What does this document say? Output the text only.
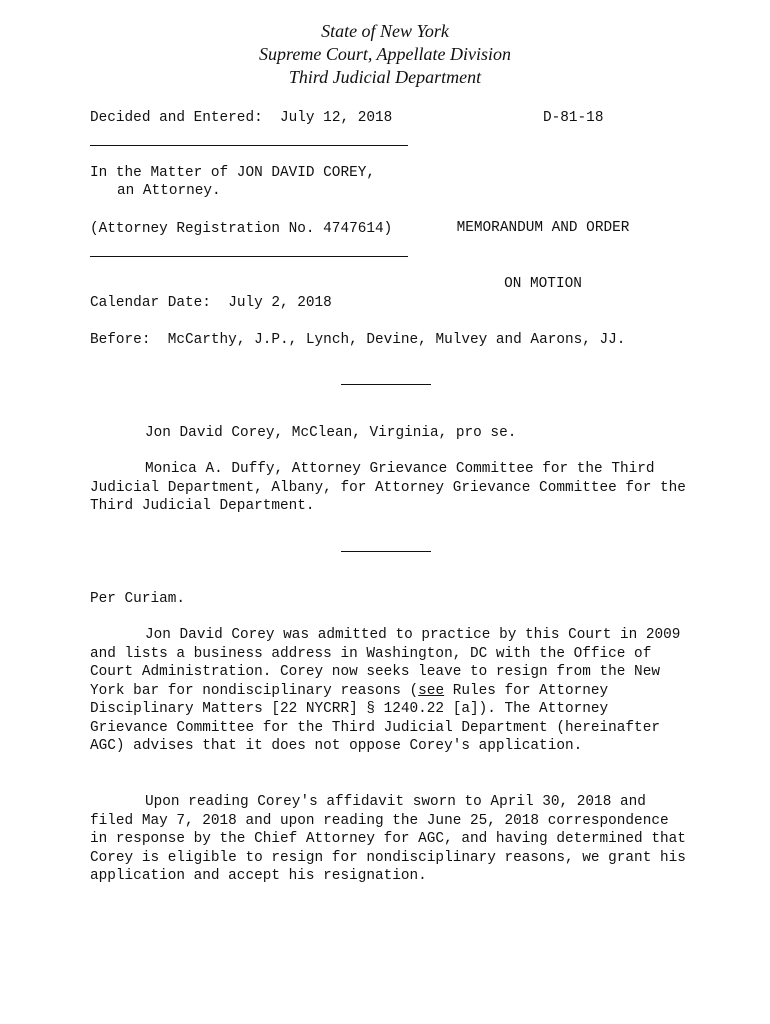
State of New York
Supreme Court, Appellate Division
Third Judicial Department
Decided and Entered: July 12, 2018	D-81-18
In the Matter of JON DAVID COREY,
an Attorney.
(Attorney Registration No. 4747614)

	MEMORANDUM AND ORDER

ON MOTION

Calendar Date: July 2, 2018
Before: McCarthy, J.P., Lynch, Devine, Mulvey and Aarons, JJ.
Jon David Corey, McClean, Virginia, pro se.
Monica A. Duffy, Attorney Grievance Committee for the Third Judicial Department, Albany, for Attorney Grievance Committee for the Third Judicial Department.
Per Curiam.
Jon David Corey was admitted to practice by this Court in 2009 and lists a business address in Washington, DC with the Office of Court Administration. Corey now seeks leave to resign from the New York bar for nondisciplinary reasons (see Rules for Attorney Disciplinary Matters [22 NYCRR] § 1240.22 [a]). The Attorney Grievance Committee for the Third Judicial Department (hereinafter AGC) advises that it does not oppose Corey's application.
Upon reading Corey's affidavit sworn to April 30, 2018 and filed May 7, 2018 and upon reading the June 25, 2018 correspondence in response by the Chief Attorney for AGC, and having determined that Corey is eligible to resign for nondisciplinary reasons, we grant his application and accept his resignation.
